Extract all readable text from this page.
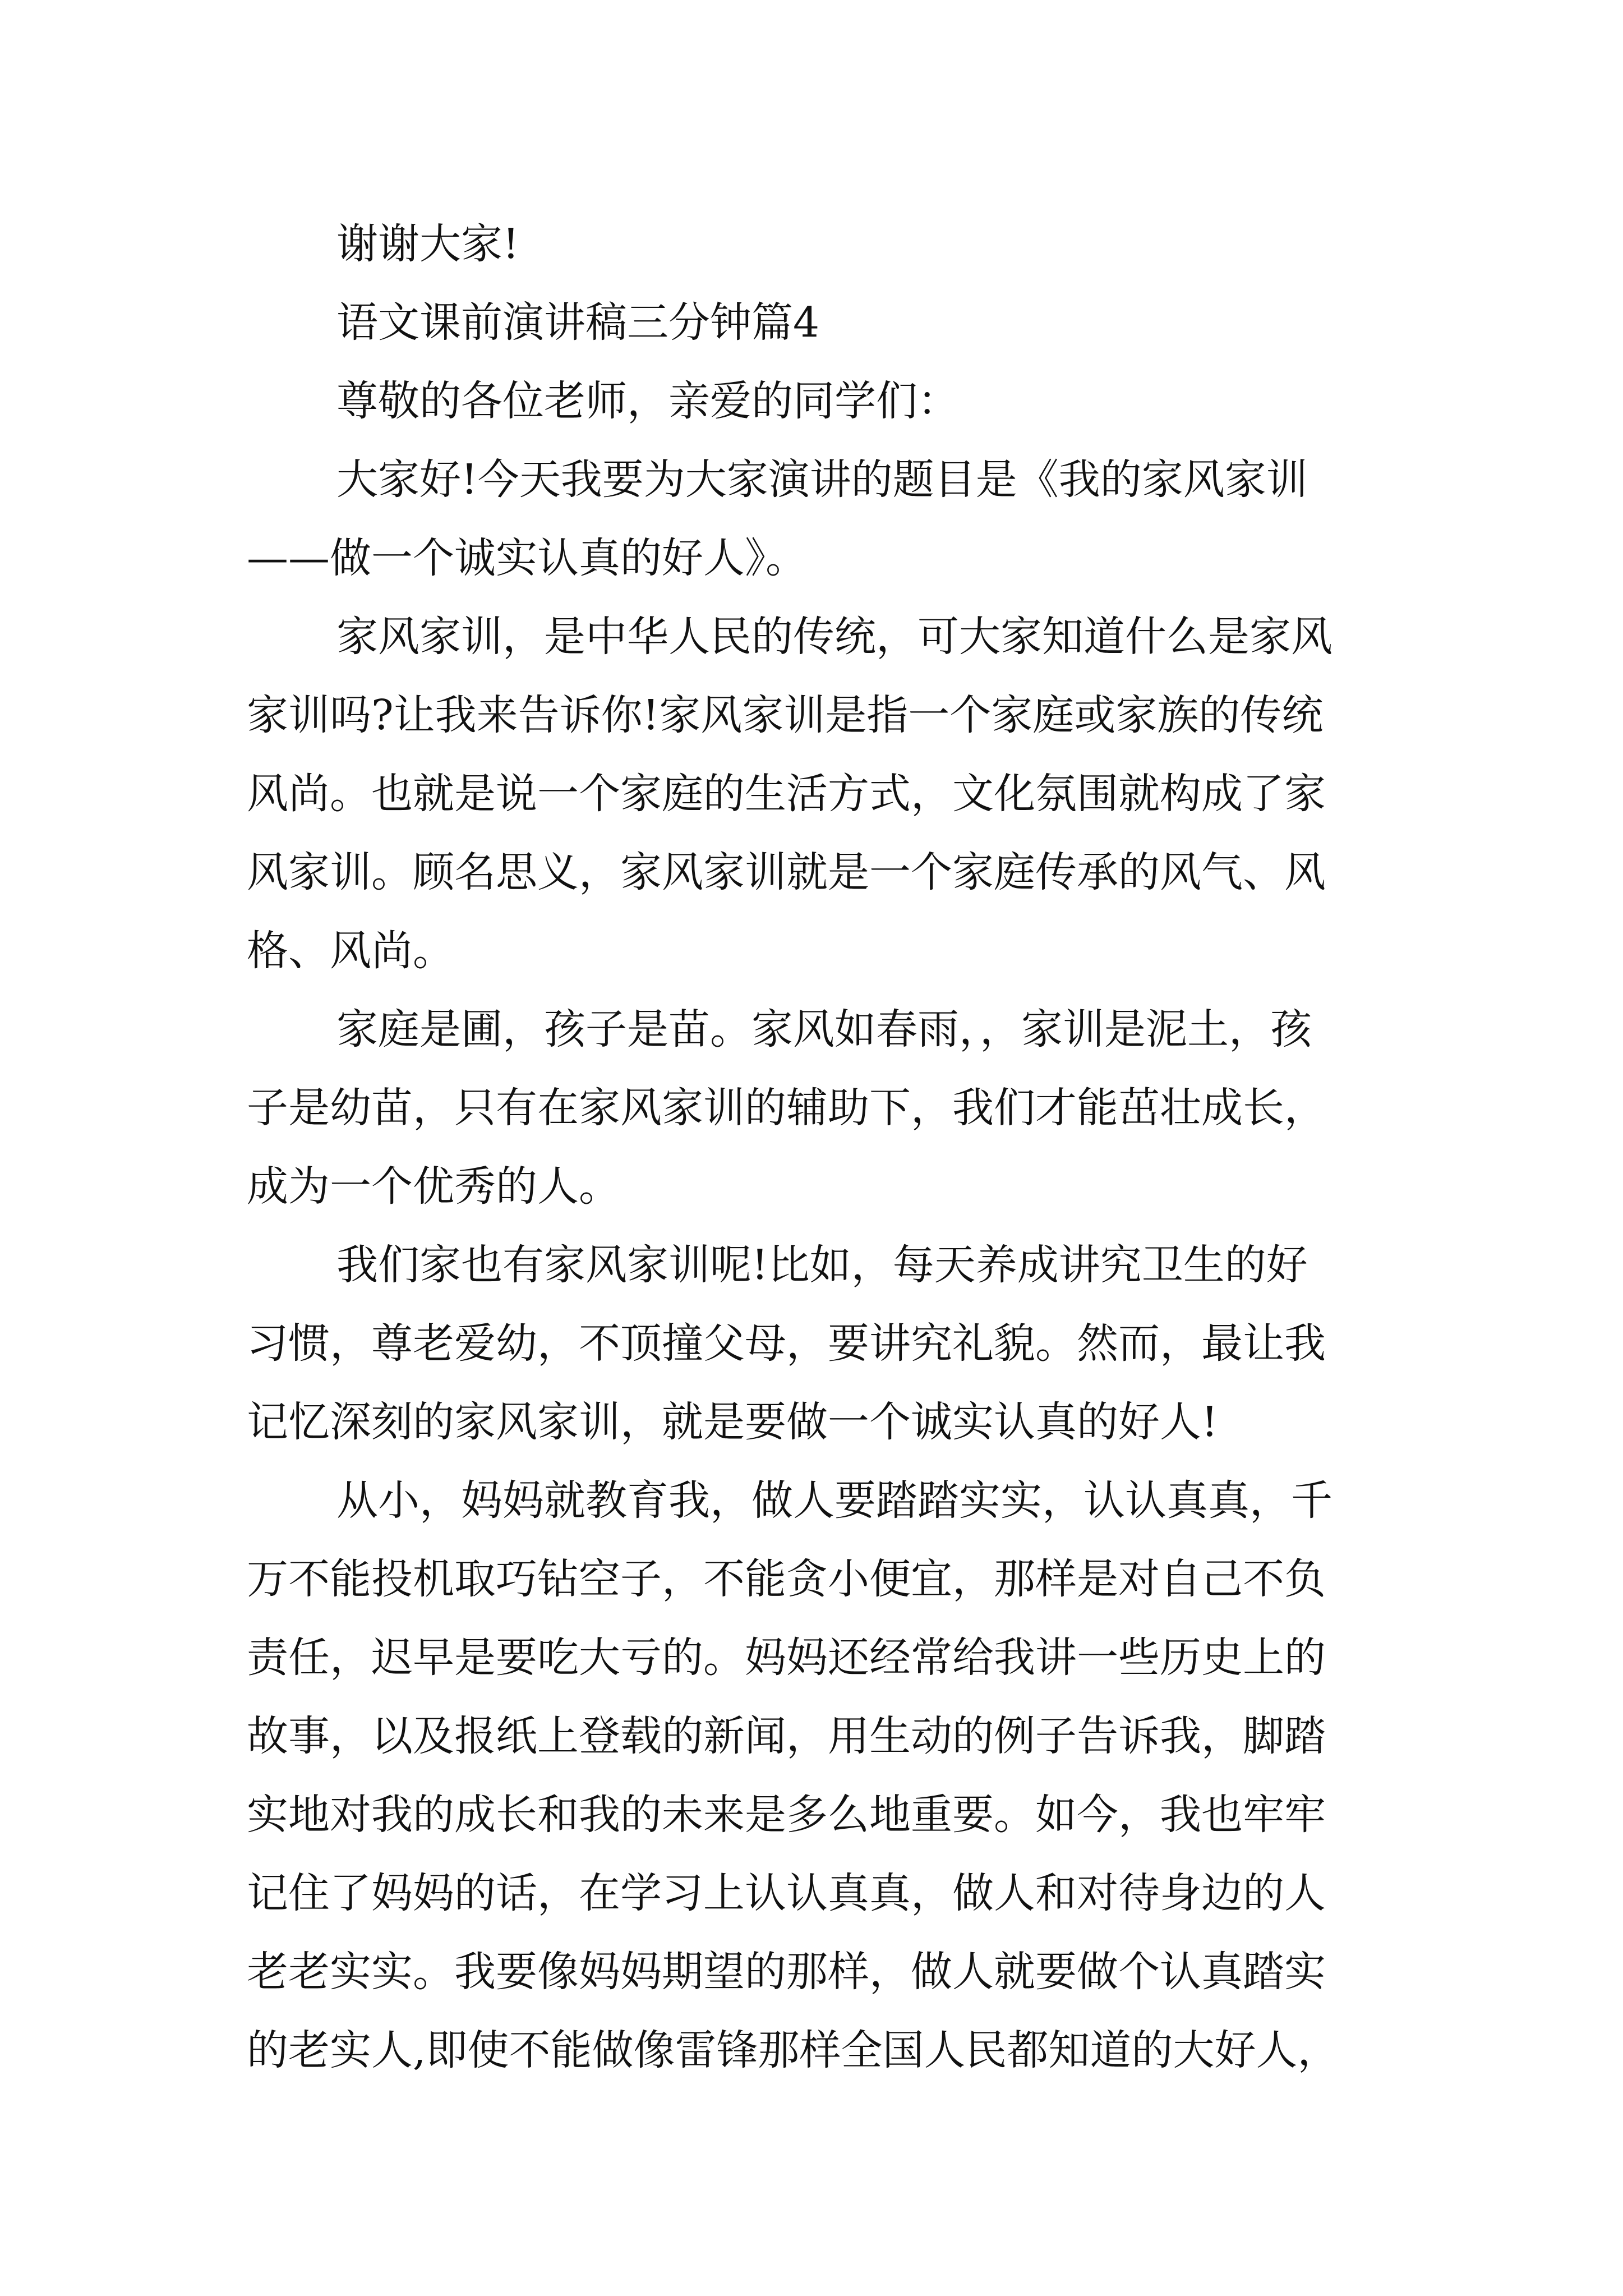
谢谢大家!

语文课前演讲稿三分钟篇4

尊敬的各位老师，亲爱的同学们：

大家好!今天我要为大家演讲的题目是《我的家风家训

——做一个诚实认真的好人》。

家风家训，是中华人民的传统，可大家知道什么是家风

家训吗?让我来告诉你!家风家训是指一个家庭或家族的传统

风尚。也就是说一个家庭的生活方式，文化氛围就构成了家

风家训。顾名思义，家风家训就是一个家庭传承的风气、风

格、风尚。

家庭是圃，孩子是苗。家风如春雨，，家训是泥土，孩

子是幼苗，只有在家风家训的辅助下，我们才能茁壮成长，

成为一个优秀的人。

我们家也有家风家训呢!比如，每天养成讲究卫生的好

习惯，尊老爱幼，不顶撞父母，要讲究礼貌。然而，最让我

记忆深刻的家风家训，就是要做一个诚实认真的好人!

从小，妈妈就教育我，做人要踏踏实实，认认真真，千

万不能投机取巧钻空子，不能贪小便宜，那样是对自己不负

责任，迟早是要吃大亏的。妈妈还经常给我讲一些历史上的

故事，以及报纸上登载的新闻，用生动的例子告诉我，脚踏

实地对我的成长和我的未来是多么地重要。如今，我也牢牢

记住了妈妈的话，在学习上认认真真，做人和对待身边的人

老老实实。我要像妈妈期望的那样，做人就要做个认真踏实

的老实人,即使不能做像雷锋那样全国人民都知道的大好人，
